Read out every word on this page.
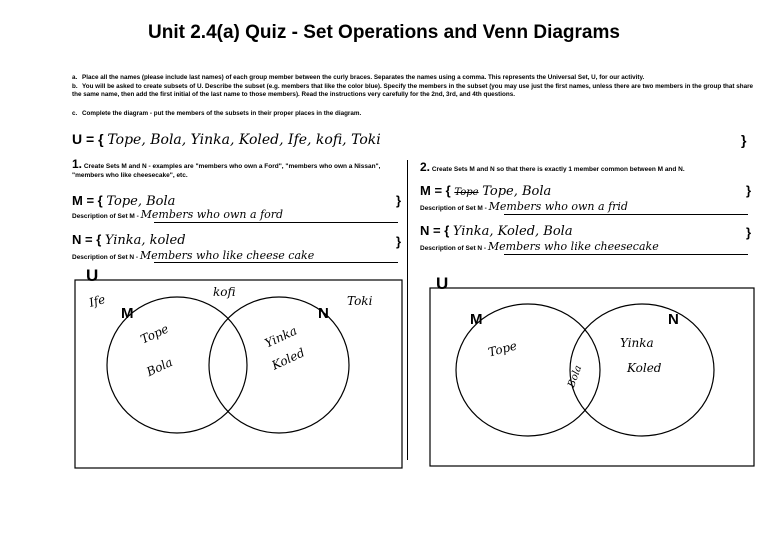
Unit 2.4(a) Quiz - Set Operations and Venn Diagrams
a. Place all the names (please include last names) of each group member between the curly braces. Separates the names using a comma. This represents the Universal Set, U, for our activity.
b. You will be asked to create subsets of U. Describe the subset (e.g. members that like the color blue). Specify the members in the subset (you may use just the first names, unless there are two members in the group that share the same name, then add the first initial of the last name to those members). Read the instructions very carefully for the 2nd, 3rd, and 4th questions.
c. Complete the diagram - put the members of the subsets in their proper places in the diagram.
U = { Tope, Bola, Yinka, Koled, Ife, kofi, Toki	}
1. Create Sets M and N - examples are "members who own a Ford", "members who own a Nissan", "members who like cheesecake", etc.
M = { Tope, Bola	}
Description of Set M - Members who own a ford
N = { Yinka, koled	}
Description of Set N - Members who like cheese cake
2. Create Sets M and N so that there is exactly 1 member common between M and N.
M = { Tope Tope, Bola	}
Description of Set M - Members who own a frid
N = { Yinka, Koled, Bola	}
Description of Set N - Members who like cheesecake
U
M	N
Ife
kofi
Toki
Tope
Bola
Yinka
Koled
U
M	N
Tope
Bola
Yinka
Koled
